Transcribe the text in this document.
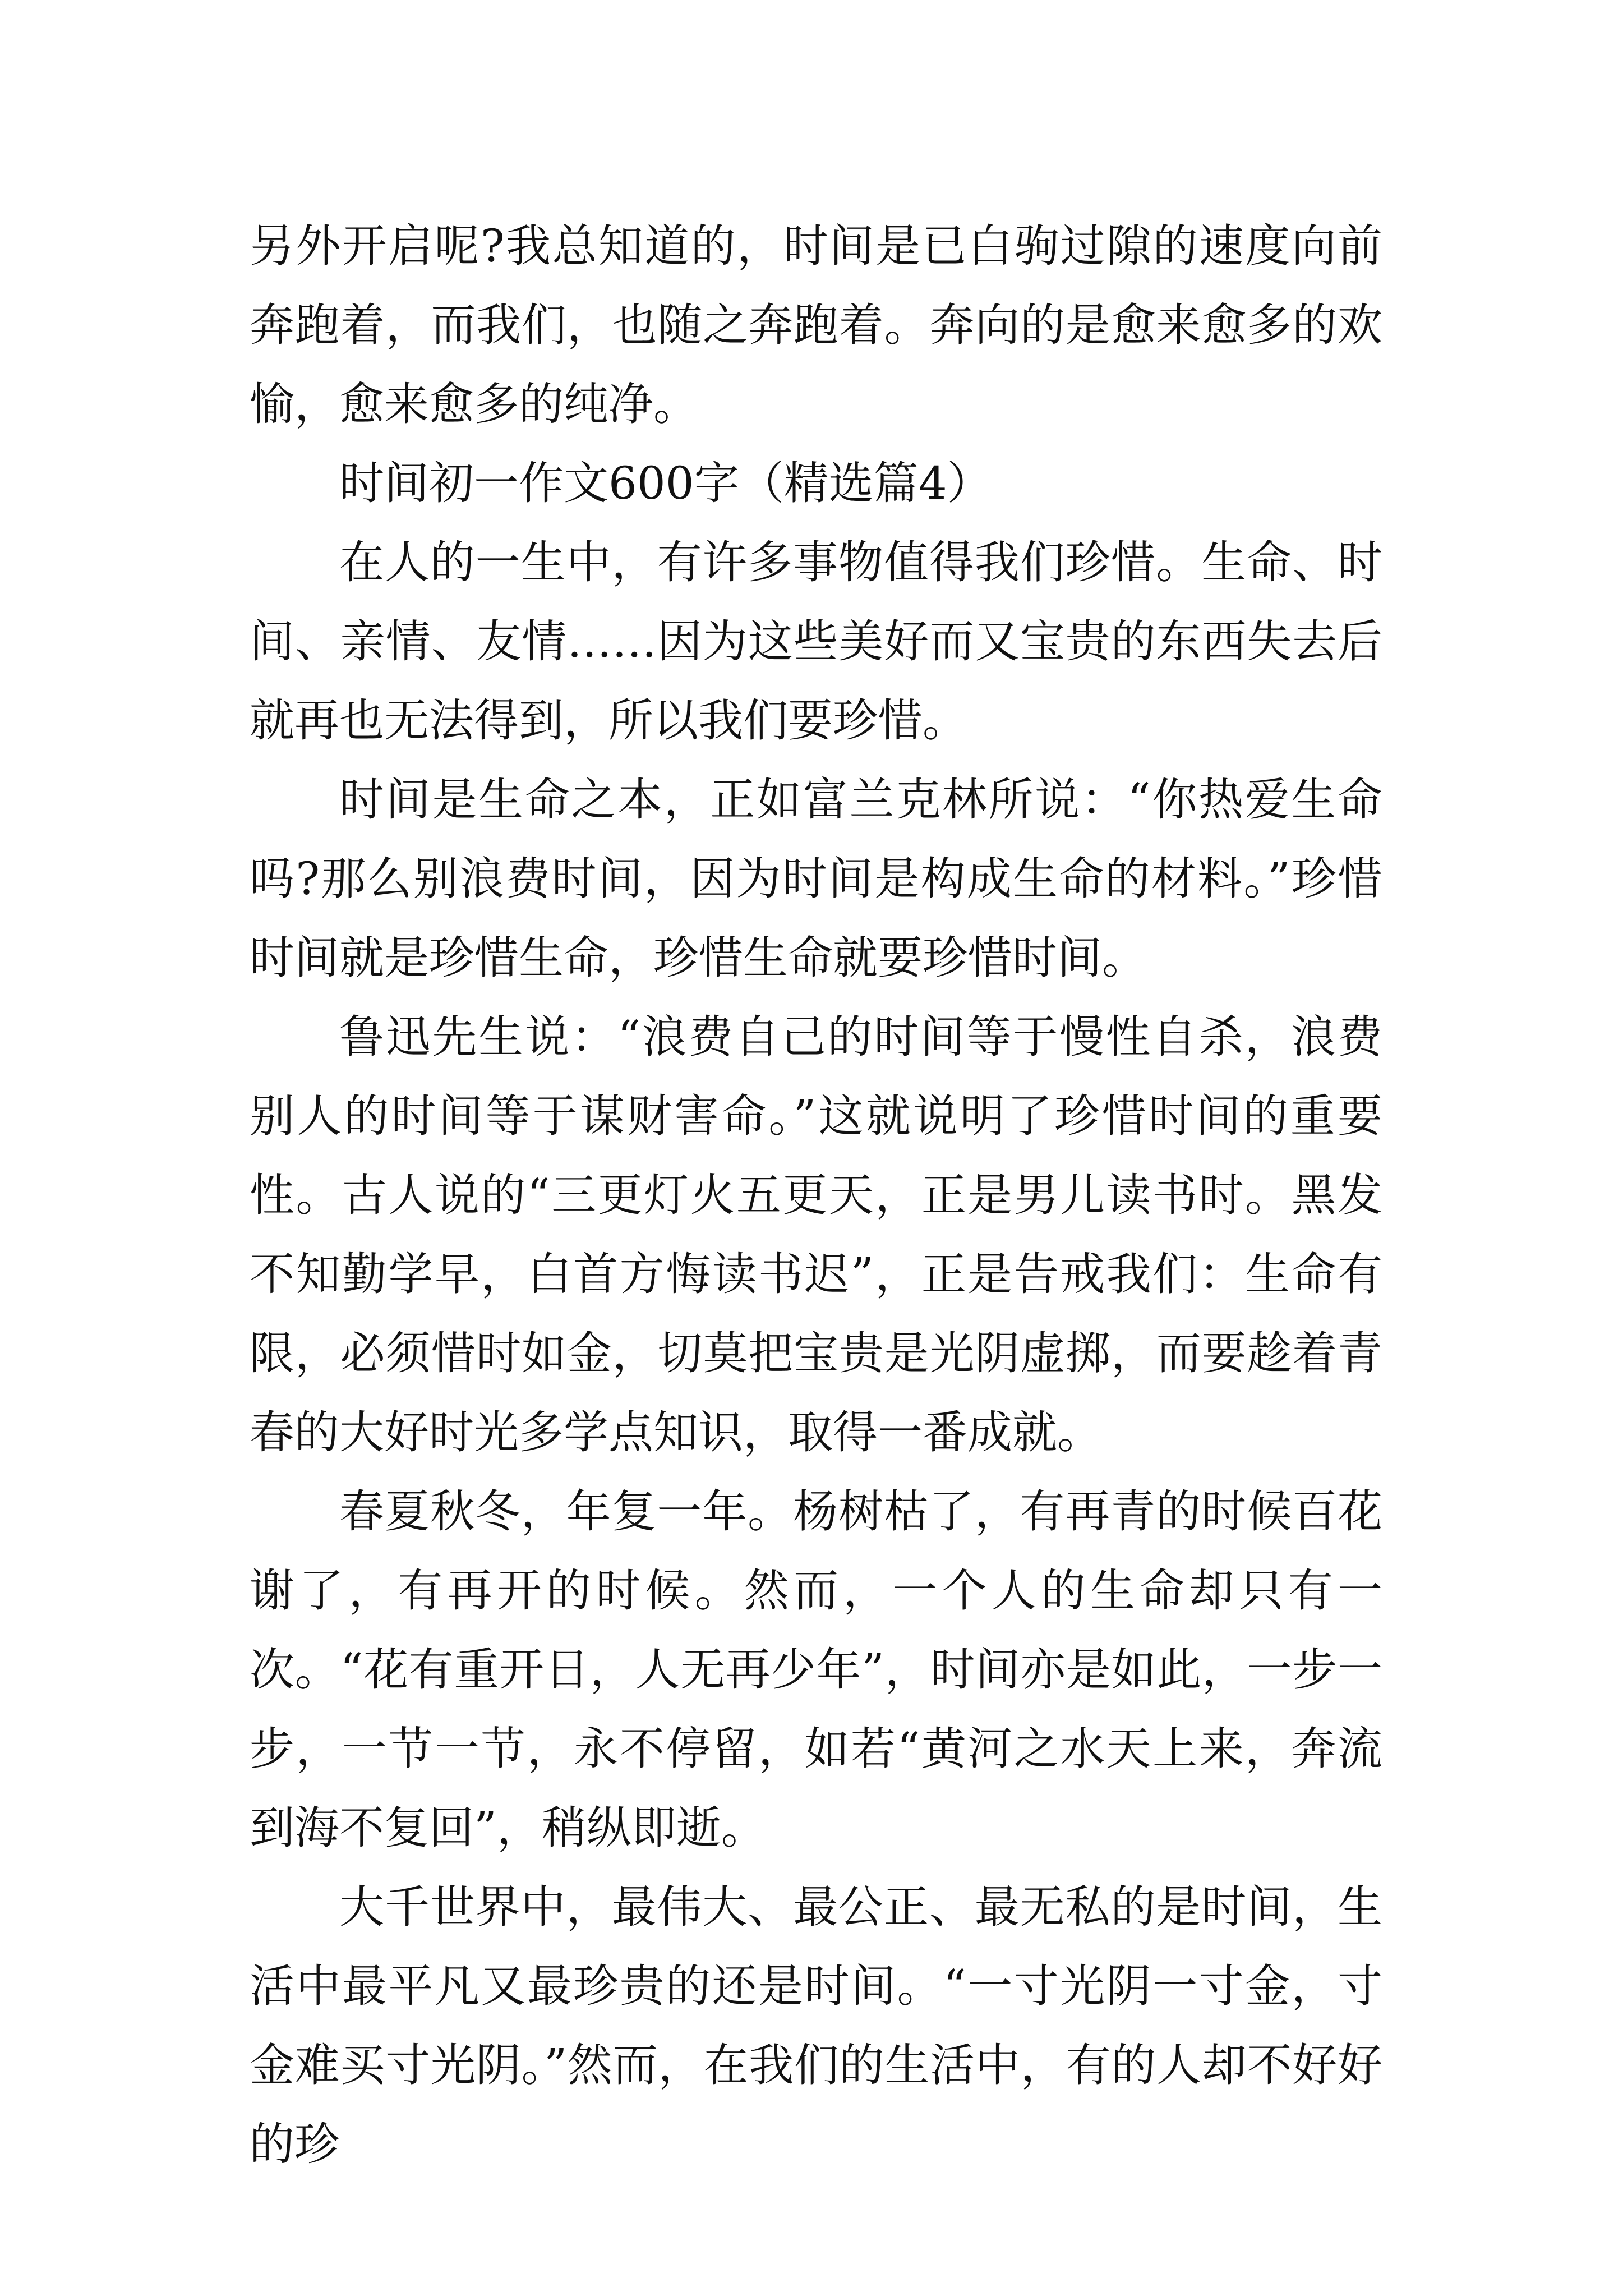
另外开启呢?我总知道的，时间是已白驹过隙的速度向前奔跑着，而我们，也随之奔跑着。奔向的是愈来愈多的欢愉，愈来愈多的纯净。

时间初一作文600字（精选篇4）

在人的一生中，有许多事物值得我们珍惜。生命、时间、亲情、友情……因为这些美好而又宝贵的东西失去后就再也无法得到，所以我们要珍惜。

时间是生命之本，正如富兰克林所说：“你热爱生命吗?那么别浪费时间，因为时间是构成生命的材料。”珍惜时间就是珍惜生命，珍惜生命就要珍惜时间。

鲁迅先生说：“浪费自己的时间等于慢性自杀，浪费别人的时间等于谋财害命。”这就说明了珍惜时间的重要性。古人说的“三更灯火五更天，正是男儿读书时。黑发不知勤学早，白首方悔读书迟”，正是告戒我们：生命有限，必须惜时如金，切莫把宝贵是光阴虚掷，而要趁着青春的大好时光多学点知识，取得一番成就。

春夏秋冬，年复一年。杨树枯了，有再青的时候百花谢了，有再开的时候。然而，一个人的生命却只有一次。“花有重开日，人无再少年”，时间亦是如此，一步一步，一节一节，永不停留，如若“黄河之水天上来，奔流到海不复回”，稍纵即逝。

大千世界中，最伟大、最公正、最无私的是时间，生活中最平凡又最珍贵的还是时间。“一寸光阴一寸金，寸金难买寸光阴。”然而，在我们的生活中，有的人却不好好的珍
